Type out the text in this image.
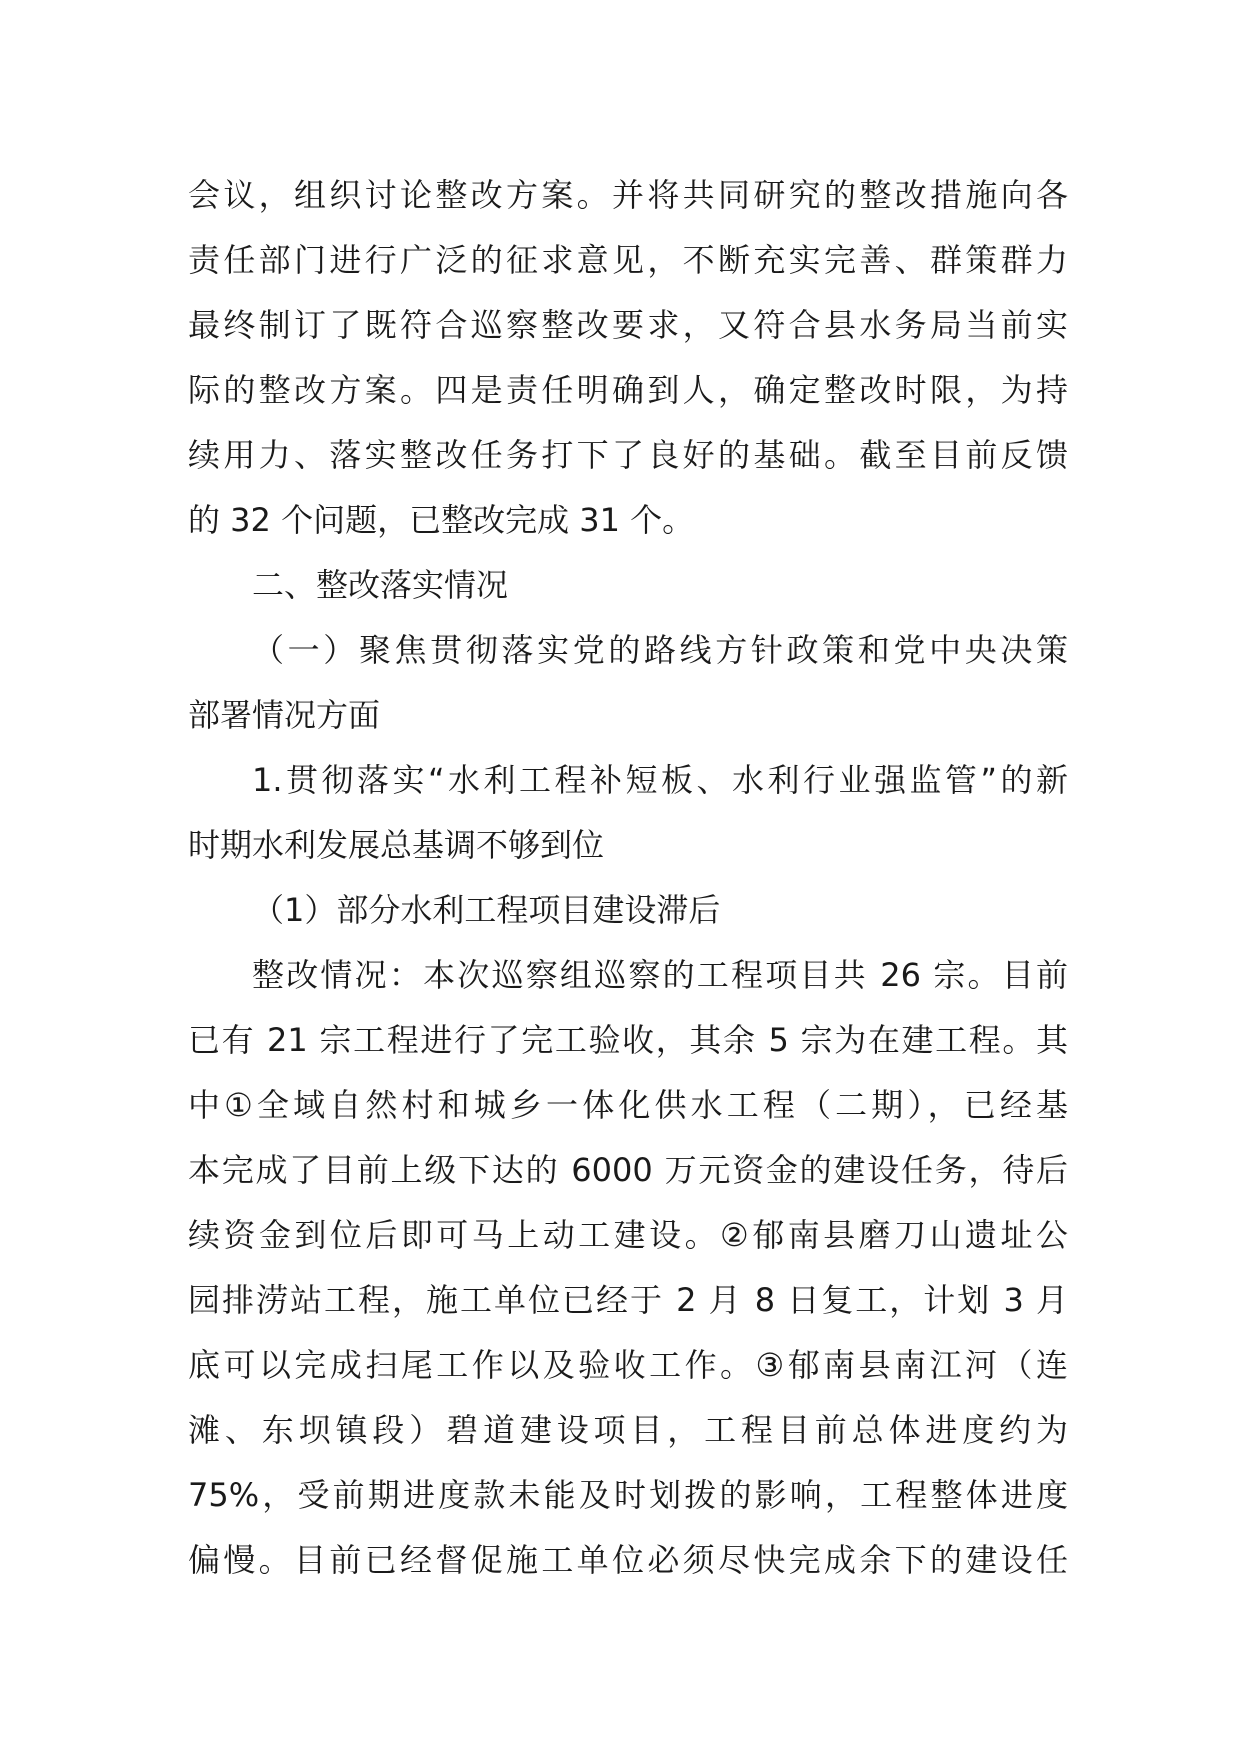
会议，组织讨论整改方案。并将共同研究的整改措施向各
责任部门进行广泛的征求意见，不断充实完善、群策群力
最终制订了既符合巡察整改要求，又符合县水务局当前实
际的整改方案。四是责任明确到人，确定整改时限，为持
续用力、落实整改任务打下了良好的基础。截至目前反馈
的 32 个问题，已整改完成 31 个。
二、整改落实情况
（一）聚焦贯彻落实党的路线方针政策和党中央决策
部署情况方面
1.贯彻落实“水利工程补短板、水利行业强监管”的新
时期水利发展总基调不够到位
（1）部分水利工程项目建设滞后
整改情况：本次巡察组巡察的工程项目共 26 宗。目前
已有 21 宗工程进行了完工验收，其余 5 宗为在建工程。其
中①全域自然村和城乡一体化供水工程（二期），已经基
本完成了目前上级下达的 6000 万元资金的建设任务，待后
续资金到位后即可马上动工建设。②郁南县磨刀山遗址公
园排涝站工程，施工单位已经于 2 月 8 日复工，计划 3 月
底可以完成扫尾工作以及验收工作。③郁南县南江河（连
滩、东坝镇段）碧道建设项目，工程目前总体进度约为
75%，受前期进度款未能及时划拨的影响，工程整体进度
偏慢。目前已经督促施工单位必须尽快完成余下的建设任
